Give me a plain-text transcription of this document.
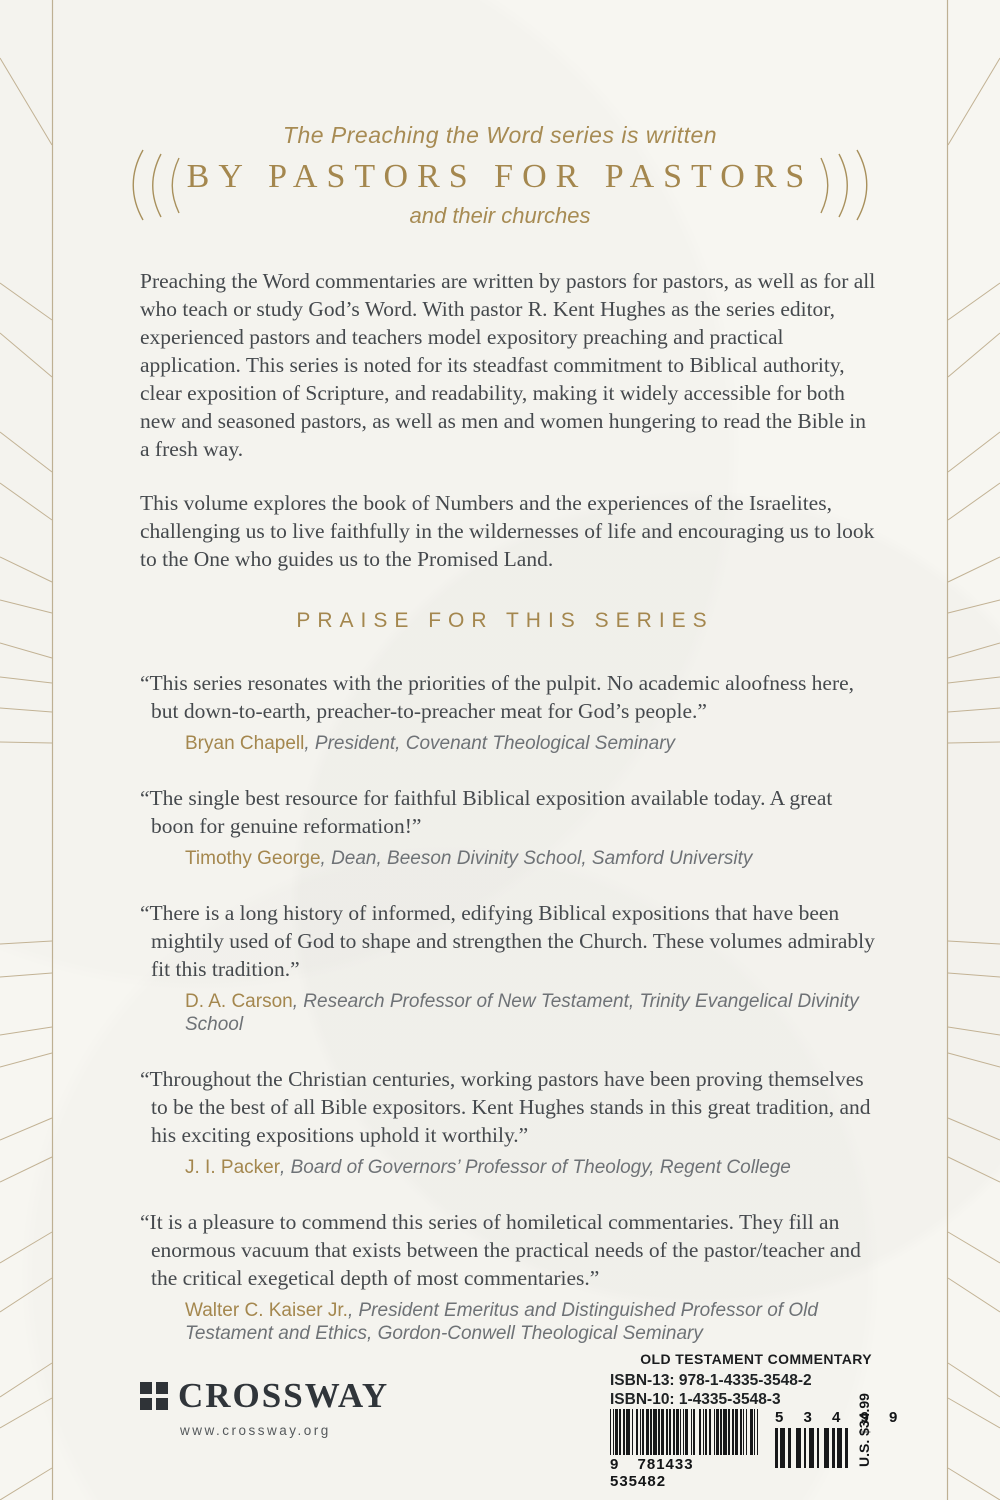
The Preaching the Word series is written
BY PASTORS FOR PASTORS
and their churches

Preaching the Word commentaries are written by pastors for pastors, as well as for all who teach or study God’s Word. With pastor R. Kent Hughes as the series editor, experienced pastors and teachers model expository preaching and practical application. This series is noted for its steadfast commitment to Biblical authority, clear exposition of Scripture, and readability, making it widely accessible for both new and seasoned pastors, as well as men and women hungering to read the Bible in a fresh way.

This volume explores the book of Numbers and the experiences of the Israelites, challenging us to live faithfully in the wildernesses of life and encouraging us to look to the One who guides us to the Promised Land.

PRAISE FOR THIS SERIES

“This series resonates with the priorities of the pulpit. No academic aloofness here, but down-to-earth, preacher-to-preacher meat for God’s people.”

Bryan Chapell, President, Covenant Theological Seminary

“The single best resource for faithful Biblical exposition available today. A great boon for genuine reformation!”

Timothy George, Dean, Beeson Divinity School, Samford University

“There is a long history of informed, edifying Biblical expositions that have been mightily used of God to shape and strengthen the Church. These volumes admirably fit this tradition.”

D. A. Carson, Research Professor of New Testament, Trinity Evangelical Divinity School

“Throughout the Christian centuries, working pastors have been proving themselves to be the best of all Bible expositors. Kent Hughes stands in this great tradition, and his exciting expositions uphold it worthily.”

J. I. Packer, Board of Governors’ Professor of Theology, Regent College

“It is a pleasure to commend this series of homiletical commentaries. They fill an enormous vacuum that exists between the practical needs of the pastor/teacher and the critical exegetical depth of most commentaries.”

Walter C. Kaiser Jr., President Emeritus and Distinguished Professor of Old Testament and Ethics, Gordon-Conwell Theological Seminary

CROSSWAY
www.crossway.org
OLD TESTAMENT COMMENTARY
ISBN-13: 978-1-4335-3548-2
ISBN-10: 1-4335-3548-3
9 781433 535482
5 3 4 9 9
U.S. $34.99
